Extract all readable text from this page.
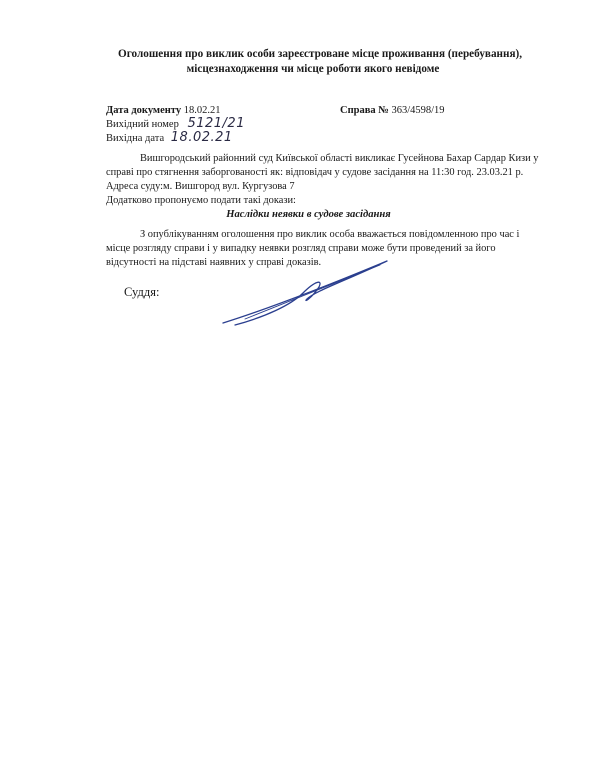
Оголошення про виклик особи зареєстроване місце проживання (перебування),
місцезнаходження чи місце роботи якого невідоме
Дата документу 18.02.21	Справа № 363/4598/19
Вихідний номер 5121/21
Вихідна дата 18.02.21
Вишгородський районний суд Київської області викликає Гусейнова Бахар Сардар Кизи у
справі про стягнення заборгованості як: відповідач у судове засідання на 11:30 год. 23.03.21 р.
Адреса суду:м. Вишгород вул. Кургузова 7
Додатково пропонуємо подати такі докази:
Наслідки неявки в судове засідання
З опублікуванням оголошення про виклик особа вважається повідомленною про час і
місце розгляду справи і у випадку неявки розгляд справи може бути проведений за його
відсутності на підставі наявних у справі доказів.
Суддя:
